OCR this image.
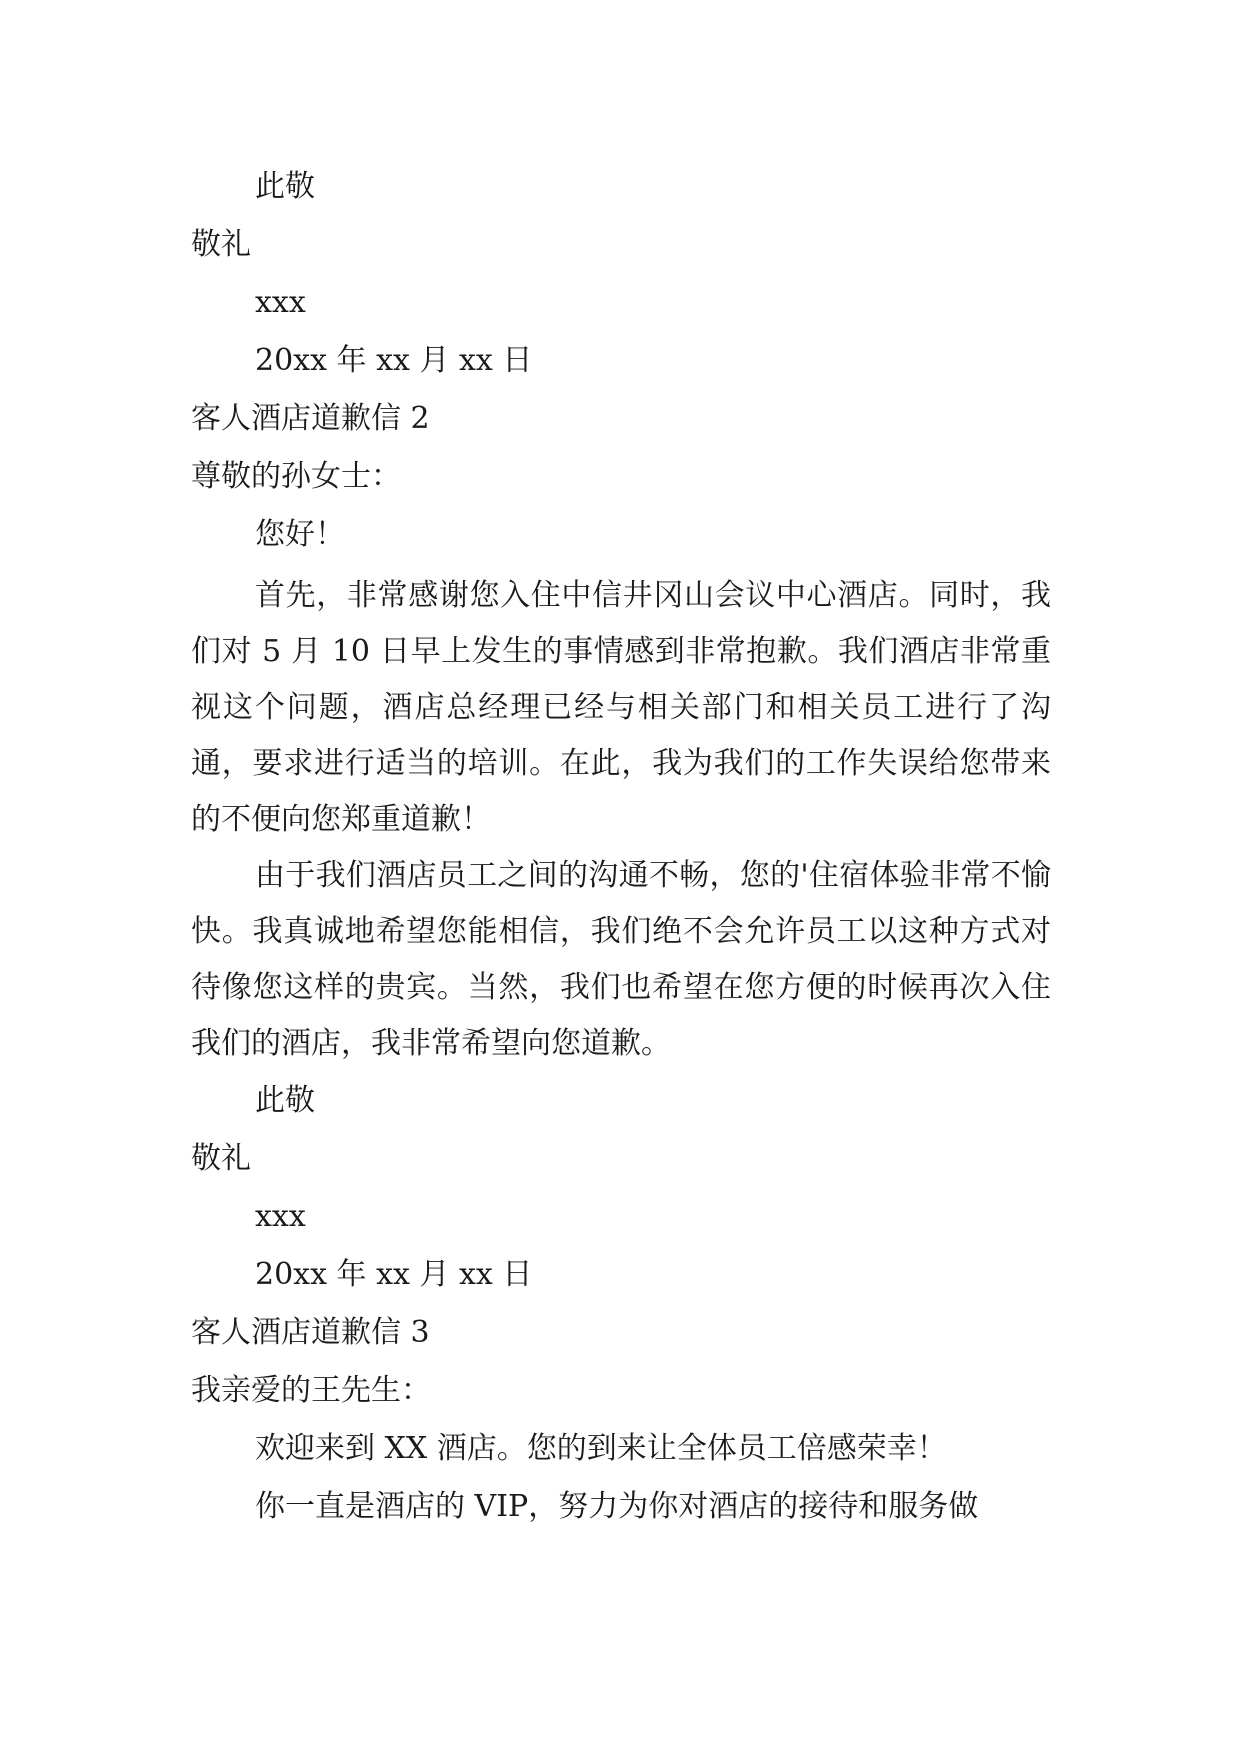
此敬

敬礼

xxx

20xx 年 xx 月 xx 日

客人酒店道歉信 2

尊敬的孙女士：

您好！

首先，非常感谢您入住中信井冈山会议中心酒店。同时，我们对 5 月 10 日早上发生的事情感到非常抱歉。我们酒店非常重视这个问题，酒店总经理已经与相关部门和相关员工进行了沟通，要求进行适当的培训。在此，我为我们的工作失误给您带来的不便向您郑重道歉！

由于我们酒店员工之间的沟通不畅，您的'住宿体验非常不愉快。我真诚地希望您能相信，我们绝不会允许员工以这种方式对待像您这样的贵宾。当然，我们也希望在您方便的时候再次入住我们的酒店，我非常希望向您道歉。

此敬

敬礼

xxx

20xx 年 xx 月 xx 日

客人酒店道歉信 3

我亲爱的王先生：

欢迎来到 XX 酒店。您的到来让全体员工倍感荣幸！

你一直是酒店的 VIP，努力为你对酒店的接待和服务做
